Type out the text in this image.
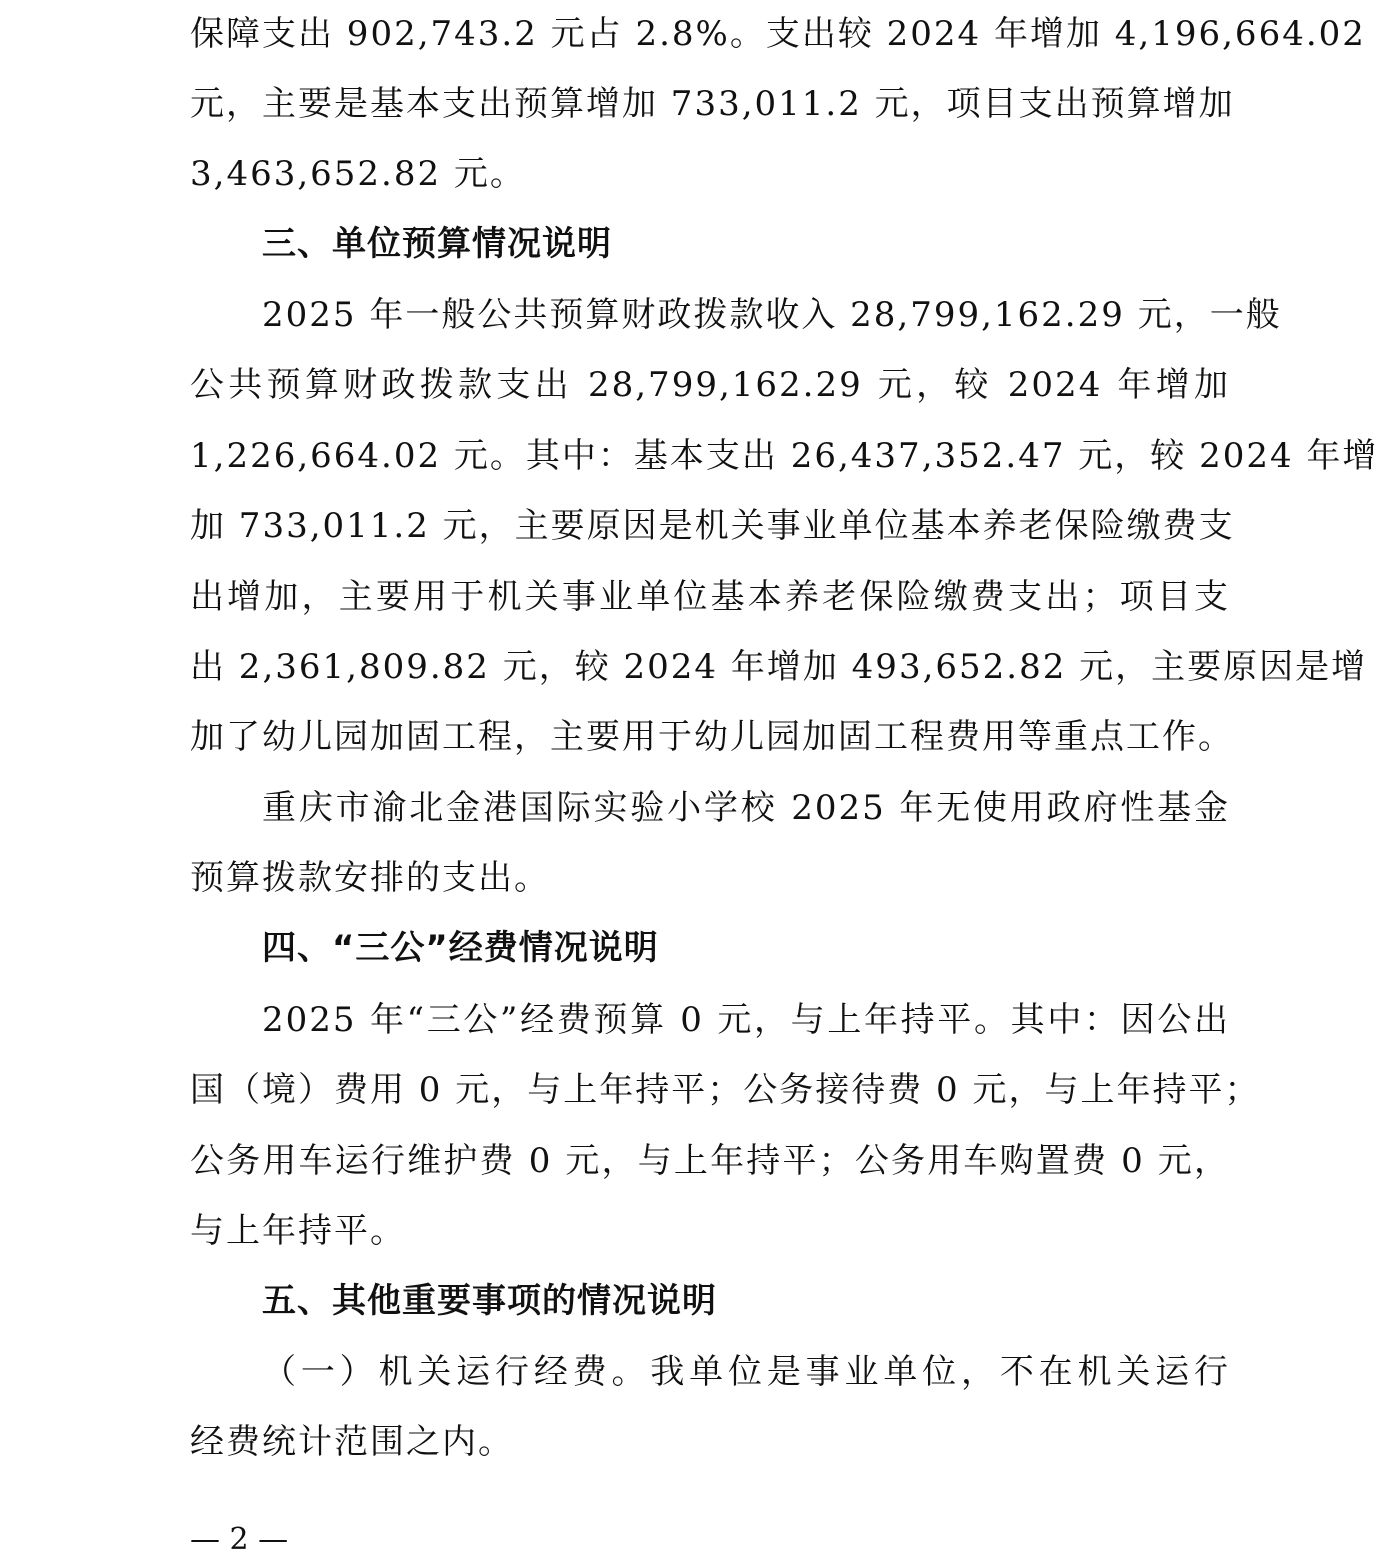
保障支出 902,743.2 元占 2.8%。支出较 2024 年增加 4,196,664.02
元，主要是基本支出预算增加 733,011.2 元，项目支出预算增加
3,463,652.82 元。
三、单位预算情况说明
2025 年一般公共预算财政拨款收入 28,799,162.29 元，一般
公共预算财政拨款支出 28,799,162.29 元，较 2024 年增加
1,226,664.02 元。其中：基本支出 26,437,352.47 元，较 2024 年增
加 733,011.2 元，主要原因是机关事业单位基本养老保险缴费支
出增加，主要用于机关事业单位基本养老保险缴费支出；项目支
出 2,361,809.82 元，较 2024 年增加 493,652.82 元，主要原因是增
加了幼儿园加固工程，主要用于幼儿园加固工程费用等重点工作。
重庆市渝北金港国际实验小学校 2025 年无使用政府性基金
预算拨款安排的支出。
四、“三公”经费情况说明
2025 年“三公”经费预算 0 元，与上年持平。其中：因公出
国（境）费用 0 元，与上年持平；公务接待费 0 元，与上年持平；
公务用车运行维护费 0 元，与上年持平；公务用车购置费 0 元，
与上年持平。
五、其他重要事项的情况说明
（一）机关运行经费。我单位是事业单位，不在机关运行
经费统计范围之内。
— 2 —
